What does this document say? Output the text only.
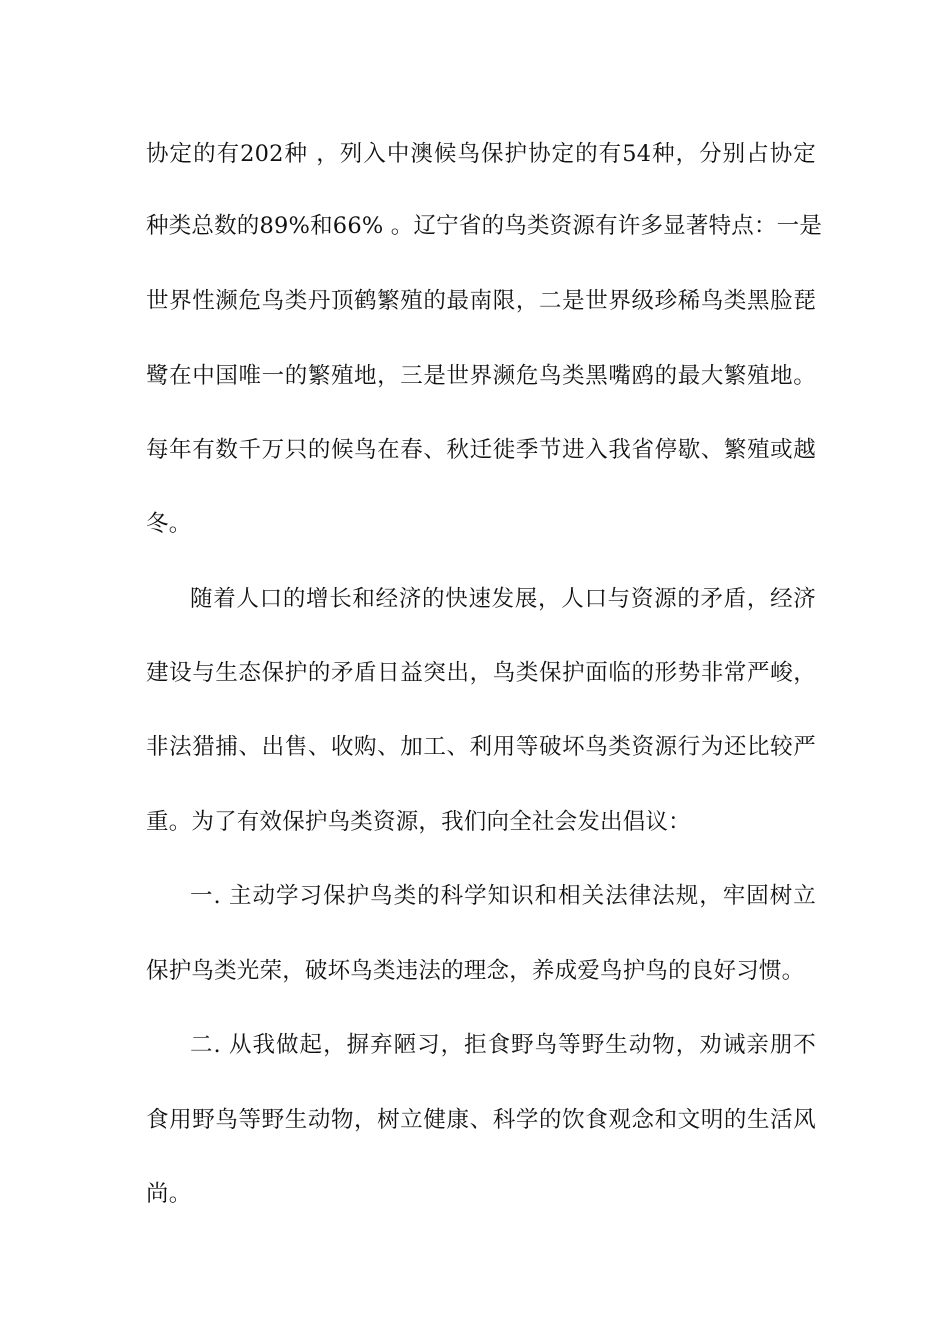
协定的有202种 ，列入中澳候鸟保护协定的有54种，分别占协定
种类总数的89%和66% 。辽宁省的鸟类资源有许多显著特点：一是
世界性濒危鸟类丹顶鹤繁殖的最南限，二是世界级珍稀鸟类黑脸琵
鹭在中国唯一的繁殖地，三是世界濒危鸟类黑嘴鸥的最大繁殖地。
每年有数千万只的候鸟在春、秋迁徙季节进入我省停歇、繁殖或越
冬。
随着人口的增长和经济的快速发展，人口与资源的矛盾，经济
建设与生态保护的矛盾日益突出，鸟类保护面临的形势非常严峻，
非法猎捕、出售、收购、加工、利用等破坏鸟类资源行为还比较严
重。为了有效保护鸟类资源，我们向全社会发出倡议：
一. 主动学习保护鸟类的科学知识和相关法律法规，牢固树立
保护鸟类光荣，破坏鸟类违法的理念，养成爱鸟护鸟的良好习惯。
二. 从我做起，摒弃陋习，拒食野鸟等野生动物，劝诫亲朋不
食用野鸟等野生动物，树立健康、科学的饮食观念和文明的生活风
尚。
